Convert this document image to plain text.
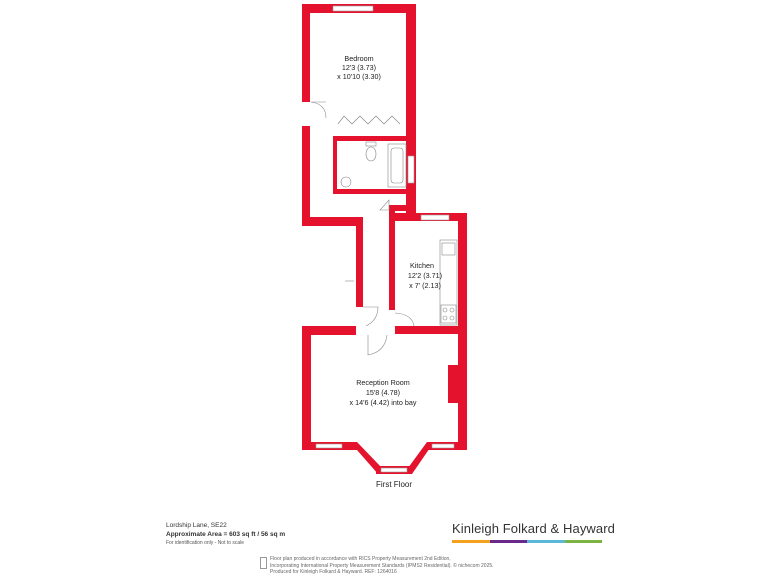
Bedroom
12'3 (3.73)
x 10'10 (3.30)
Kitchen
12'2 (3.71)
x 7' (2.13)
Reception Room
15'8 (4.78)
x 14'6 (4.42) into bay
First Floor
Lordship Lane, SE22
Approximate Area = 603 sq ft / 56 sq m
For identification only - Not to scale
Kinleigh Folkard & Hayward
Floor plan produced in accordance with RICS Property Measurement 2nd Edition,
Incorporating International Property Measurement Standards (IPMS2 Residential). © nichecom 2025.
Produced for Kinleigh Folkard & Hayward. REF: 1264016
